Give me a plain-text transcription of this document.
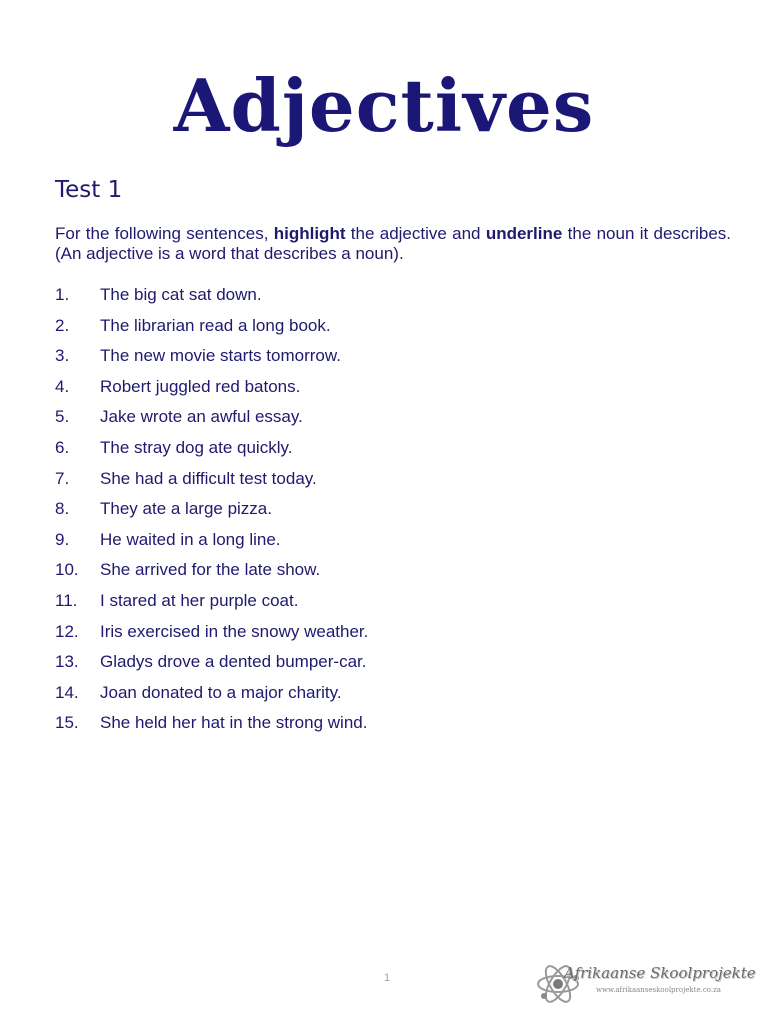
Adjectives
Test 1

For the following sentences, highlight the adjective and underline the noun it describes. (An adjective is a word that describes a noun).

1.	The big cat sat down.
2.	The librarian read a long book.
3.	The new movie starts tomorrow.
4.	Robert juggled red batons.
5.	Jake wrote an awful essay.
6.	The stray dog ate quickly.
7.	She had a difficult test today.
8.	They ate a large pizza.
9.	He waited in a long line.
10.	She arrived for the late show.
11.	I stared at her purple coat.
12.	Iris exercised in the snowy weather.
13.	Gladys drove a dented bumper-car.
14.	Joan donated to a major charity.
15.	She held her hat in the strong wind.
1	Afrikaanse Skoolprojekte
www.afrikaanseskoolprojekte.co.za
